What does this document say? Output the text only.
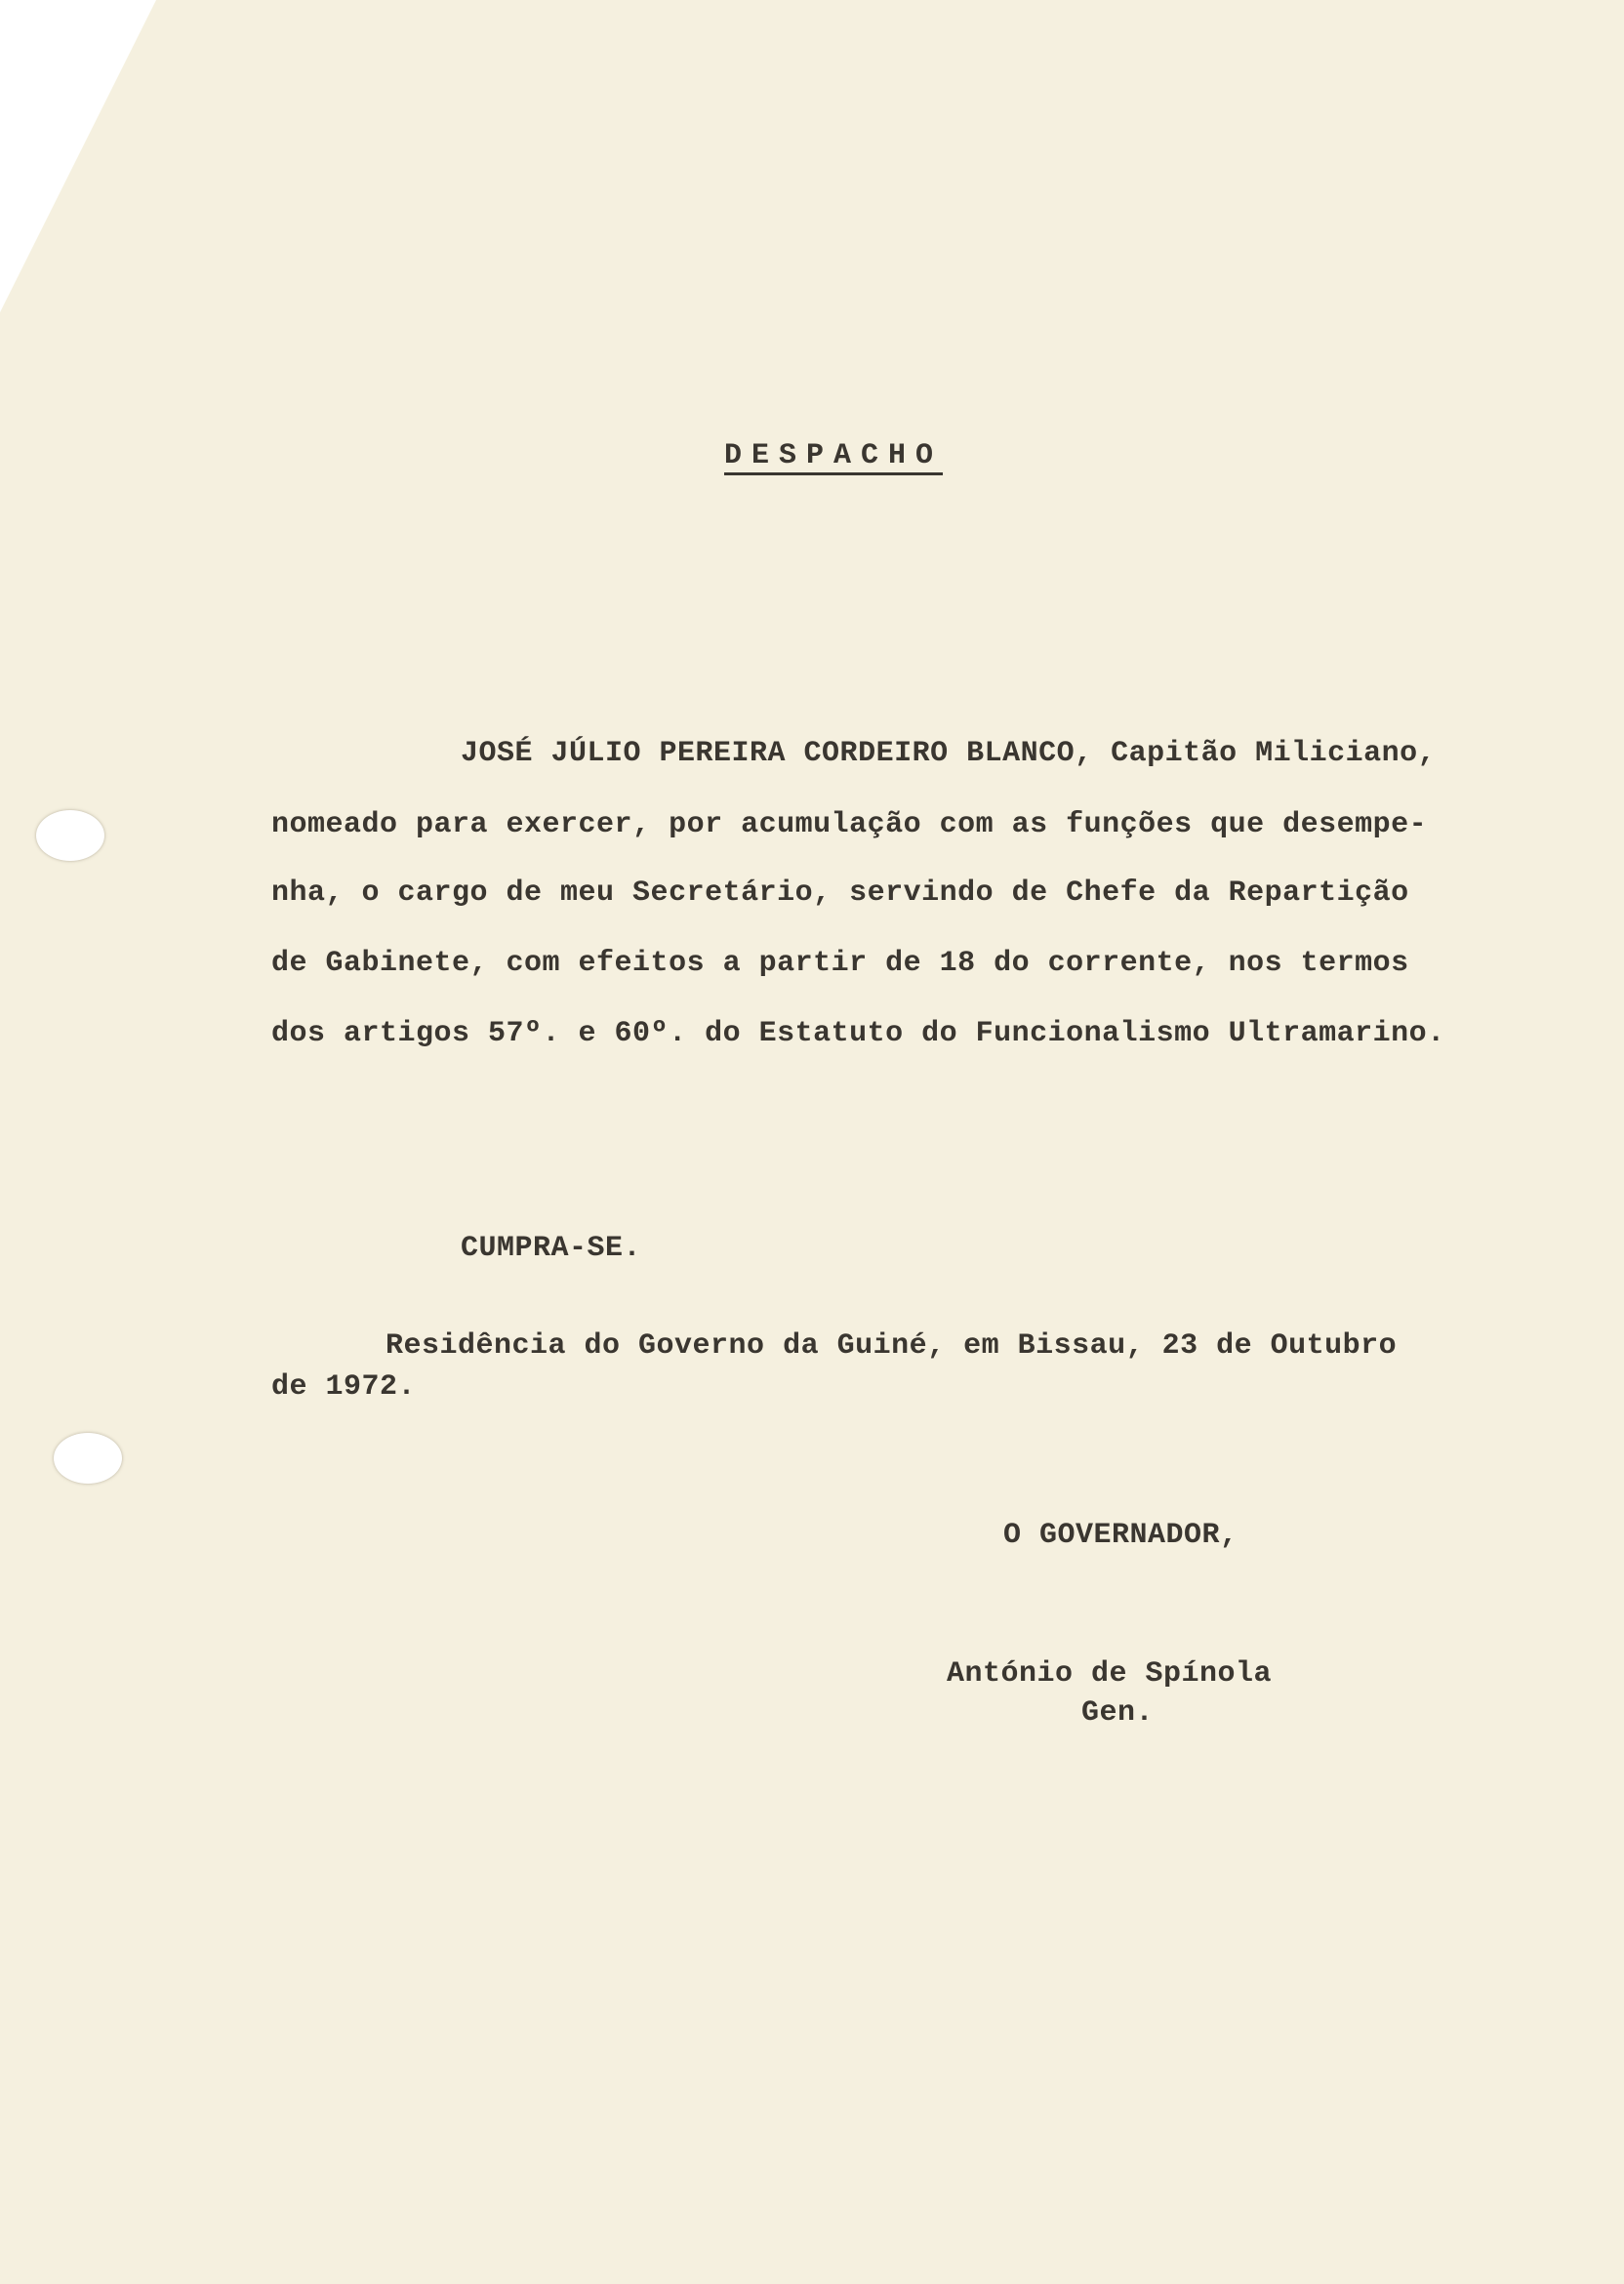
DESPACHO
JOSÉ JÚLIO PEREIRA CORDEIRO BLANCO, Capitão Miliciano,
nomeado para exercer, por acumulação com as funções que desempe-
nha, o cargo de meu Secretário, servindo de Chefe da Repartição
de Gabinete, com efeitos a partir de 18 do corrente, nos termos
dos artigos 57º. e 60º. do Estatuto do Funcionalismo Ultramarino.
CUMPRA-SE.
Residência do Governo da Guiné, em Bissau, 23 de Outubro
de 1972.
O GOVERNADOR,
António de Spínola
Gen.
